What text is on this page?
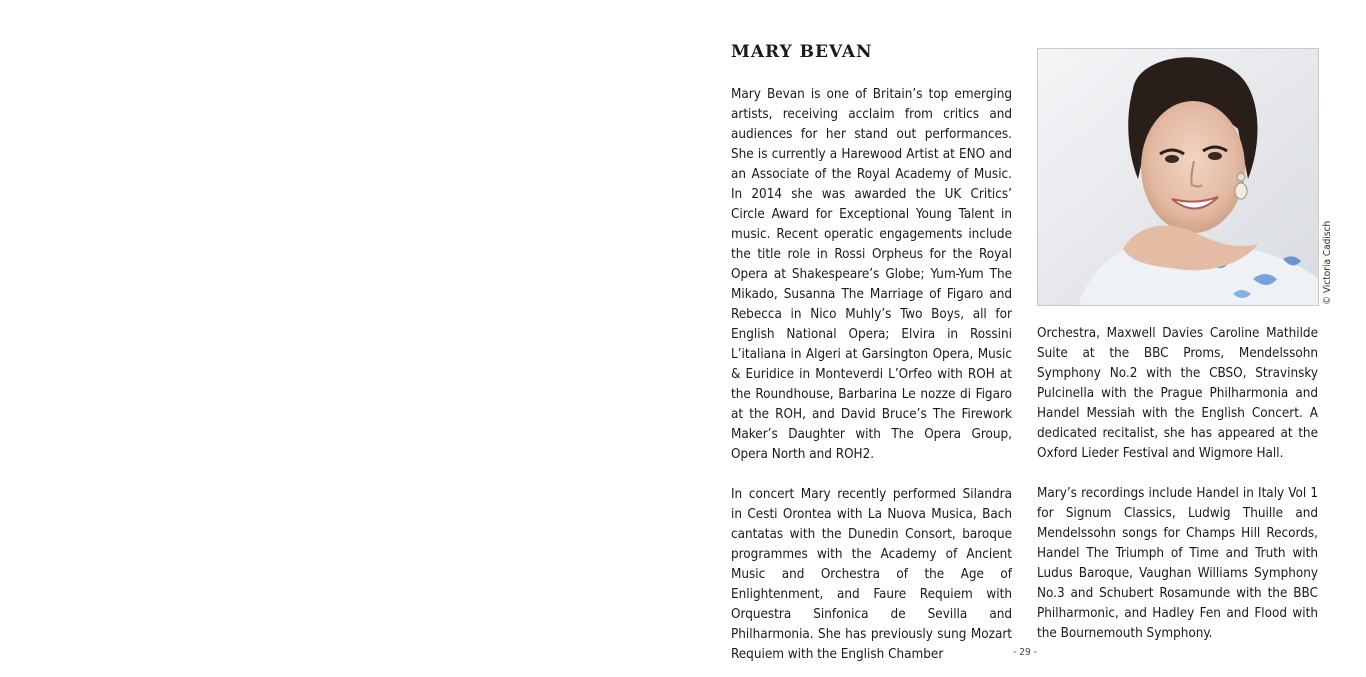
MARY BEVAN

Mary Bevan is one of Britain’s top emerging artists, receiving acclaim from critics and audiences for her stand out performances. She is currently a Harewood Artist at ENO and an Associate of the Royal Academy of Music. In 2014 she was awarded the UK Critics’ Circle Award for Exceptional Young Talent in music. Recent operatic engagements include the title role in Rossi Orpheus for the Royal Opera at Shakespeare’s Globe; Yum-Yum The Mikado, Susanna The Marriage of Figaro and Rebecca in Nico Muhly’s Two Boys, all for English National Opera; Elvira in Rossini L’italiana in Algeri at Garsington Opera, Music & Euridice in Monteverdi L’Orfeo with ROH at the Roundhouse, Barbarina Le nozze di Figaro at the ROH, and David Bruce’s The Firework Maker’s Daughter with The Opera Group, Opera North and ROH2.

In concert Mary recently performed Silandra in Cesti Orontea with La Nuova Musica, Bach cantatas with the Dunedin Consort, baroque programmes with the Academy of Ancient Music and Orchestra of the Age of Enlightenment, and Faure Requiem with Orquestra Sinfonica de Sevilla and Philharmonia. She has previously sung Mozart Requiem with the English Chamber

© Victoria Cadisch

Orchestra, Maxwell Davies Caroline Mathilde Suite at the BBC Proms, Mendelssohn Symphony No.2 with the CBSO, Stravinsky Pulcinella with the Prague Philharmonia and Handel Messiah with the English Concert. A dedicated recitalist, she has appeared at the Oxford Lieder Festival and Wigmore Hall.

Mary’s recordings include Handel in Italy Vol 1 for Signum Classics, Ludwig Thuille and Mendelssohn songs for Champs Hill Records, Handel The Triumph of Time and Truth with Ludus Baroque, Vaughan Williams Symphony No.3 and Schubert Rosamunde with the BBC Philharmonic, and Hadley Fen and Flood with the Bournemouth Symphony.

- 29 -
